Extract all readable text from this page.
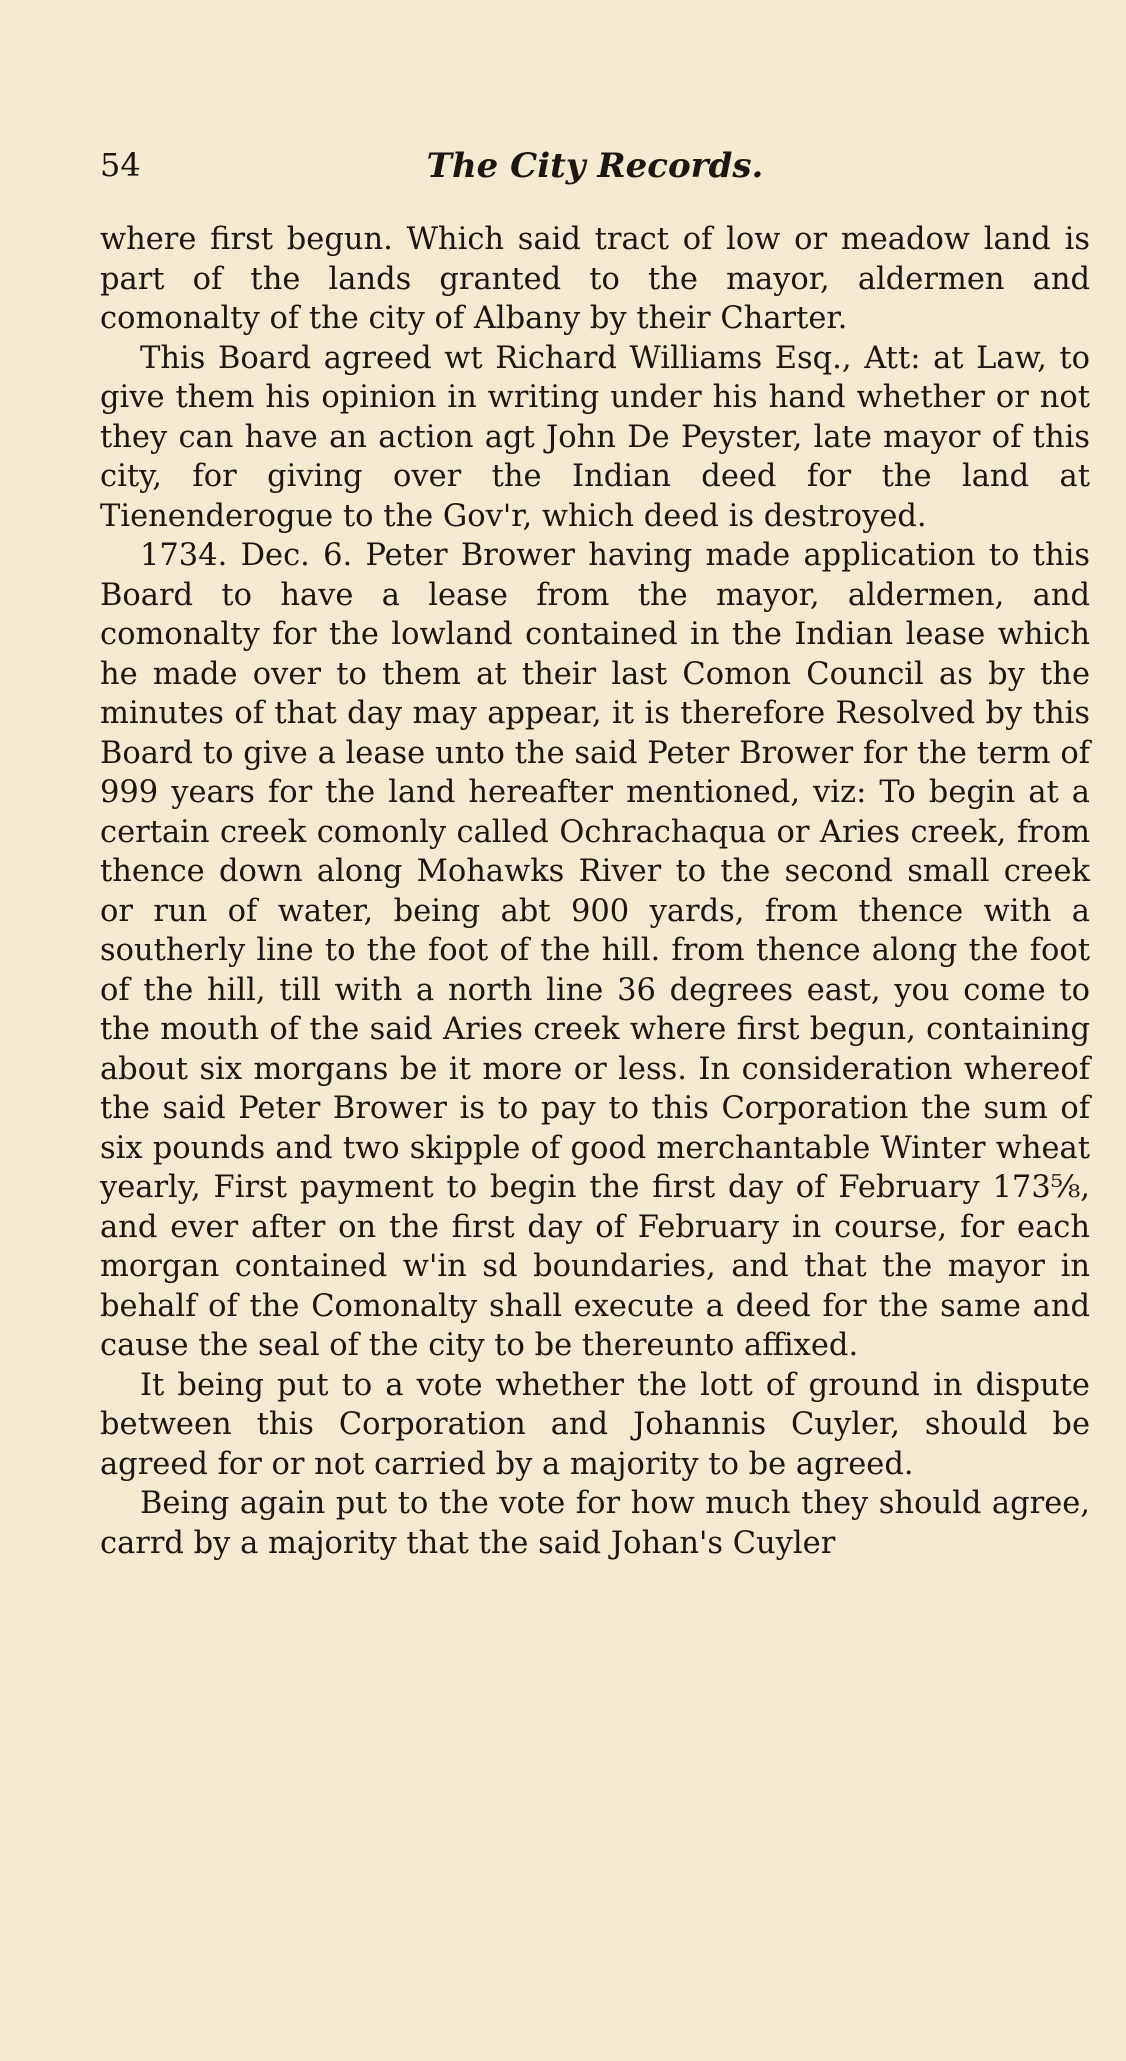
54	The City Records.

where first begun. Which said tract of low or meadow land is part of the lands granted to the mayor, aldermen and comonalty of the city of Albany by their Charter.

This Board agreed wt Richard Williams Esq., Att: at Law, to give them his opinion in writing under his hand whether or not they can have an action agt John De Peyster, late mayor of this city, for giving over the Indian deed for the land at Tienenderogue to the Gov'r, which deed is destroyed.

1734. Dec. 6. Peter Brower having made application to this Board to have a lease from the mayor, aldermen, and comonalty for the lowland contained in the Indian lease which he made over to them at their last Comon Council as by the minutes of that day may appear, it is therefore Resolved by this Board to give a lease unto the said Peter Brower for the term of 999 years for the land hereafter mentioned, viz: To begin at a certain creek comonly called Ochrachaqua or Aries creek, from thence down along Mohawks River to the second small creek or run of water, being abt 900 yards, from thence with a southerly line to the foot of the hill. from thence along the foot of the hill, till with a north line 36 degrees east, you come to the mouth of the said Aries creek where first begun, containing about six morgans be it more or less. In consideration whereof the said Peter Brower is to pay to this Corporation the sum of six pounds and two skipple of good merchantable Winter wheat yearly, First payment to begin the first day of February 173⅝, and ever after on the first day of February in course, for each morgan contained w'in sd boundaries, and that the mayor in behalf of the Comonalty shall execute a deed for the same and cause the seal of the city to be thereunto affixed.

It being put to a vote whether the lott of ground in dispute between this Corporation and Johannis Cuyler, should be agreed for or not carried by a majority to be agreed.

Being again put to the vote for how much they should agree, carrd by a majority that the said Johan's Cuyler
